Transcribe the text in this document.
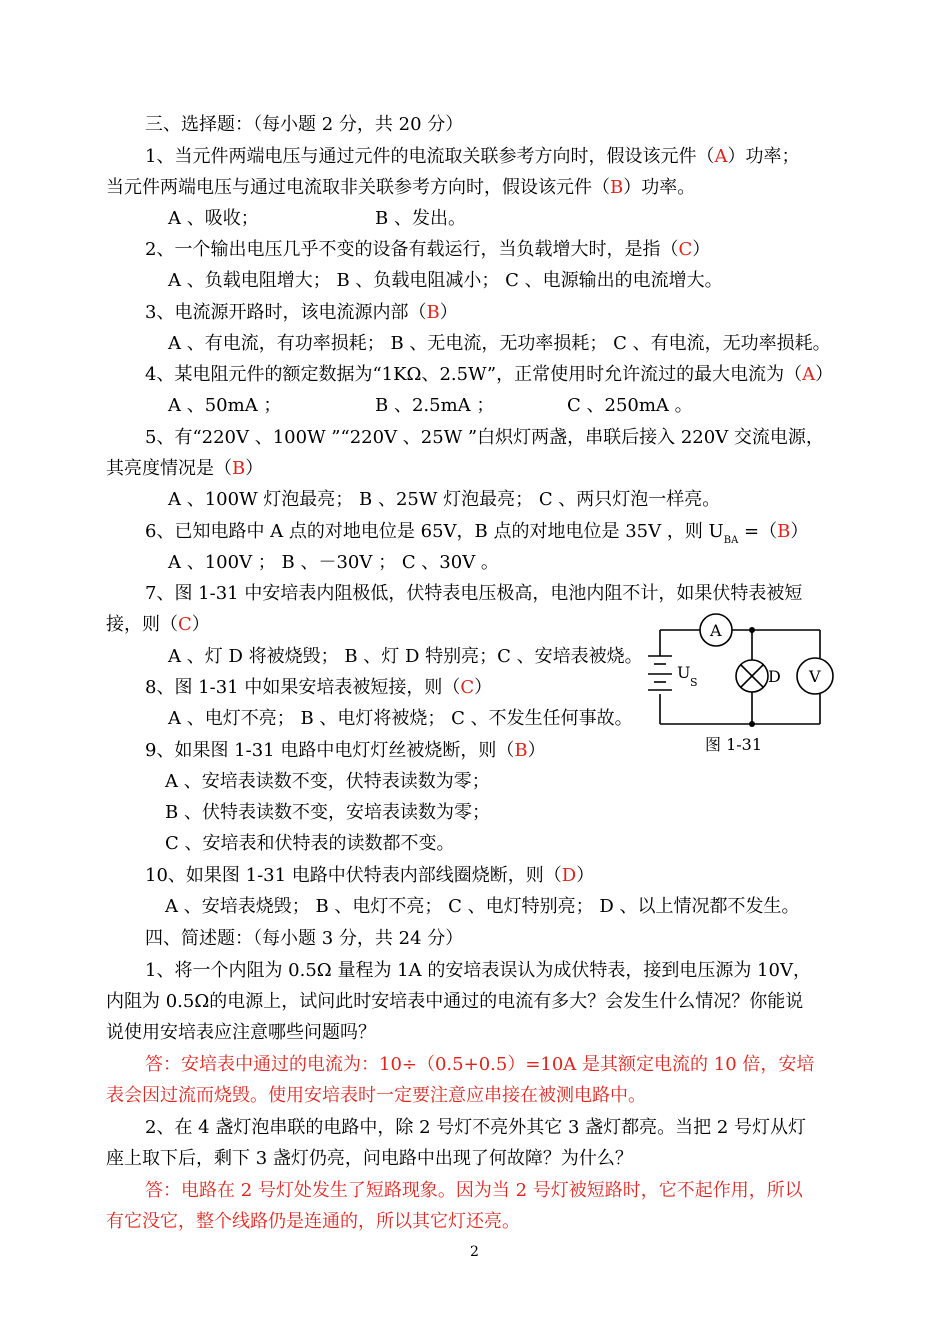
三、选择题：（每小题 2 分，共 20 分）
1、当元件两端电压与通过元件的电流取关联参考方向时，假设该元件（A）功率；
当元件两端电压与通过电流取非关联参考方向时，假设该元件（B）功率。
A 、吸收；	B 、发出。
2、一个输出电压几乎不变的设备有载运行，当负载增大时，是指（C）
A 、负载电阻增大； B 、负载电阻减小； C 、电源输出的电流增大。
3、电流源开路时，该电流源内部（B）
A 、有电流，有功率损耗； B 、无电流，无功率损耗； C 、有电流，无功率损耗。
4、某电阻元件的额定数据为“1KΩ、2.5W”，正常使用时允许流过的最大电流为（A）
A 、50mA ；	B 、2.5mA ；	C 、250mA 。
5、有“220V 、100W ”“220V 、25W ”白炽灯两盏，串联后接入 220V 交流电源，
其亮度情况是（B）
A 、100W 灯泡最亮； B 、25W 灯泡最亮； C 、两只灯泡一样亮。
6、已知电路中 A 点的对地电位是 65V，B 点的对地电位是 35V ，则 $U_{BA} =(B)$
A 、100V ； B 、－30V ； C 、30V 。
7、图 1-31 中安培表内阻极低，伏特表电压极高，电池内阻不计，如果伏特表被短
接，则（C）
A 、灯 D 将被烧毁； B 、灯 D 特别亮；C 、安培表被烧。
8、图 1-31 中如果安培表被短接，则（C）
A 、电灯不亮； B 、电灯将被烧； C 、不发生任何事故。
9、如果图 1-31 电路中电灯灯丝被烧断，则（B）
A 、安培表读数不变，伏特表读数为零；
B 、伏特表读数不变，安培表读数为零；
C 、安培表和伏特表的读数都不变。
10、如果图 1-31 电路中伏特表内部线圈烧断，则（D）
A 、安培表烧毁； B 、电灯不亮； C 、电灯特别亮； D 、以上情况都不发生。
四、简述题：（每小题 3 分，共 24 分）
1、将一个内阻为 0.5Ω 量程为 1A 的安培表误认为成伏特表，接到电压源为 10V，
内阻为 0.5Ω的电源上，试问此时安培表中通过的电流有多大？会发生什么情况？你能说
说使用安培表应注意哪些问题吗？
答：安培表中通过的电流为：10÷（0.5+0.5）=10A 是其额定电流的 10 倍，安培
表会因过流而烧毁。使用安培表时一定要注意应串接在被测电路中。
2、在 4 盏灯泡串联的电路中，除 2 号灯不亮外其它 3 盏灯都亮。当把 2 号灯从灯
座上取下后，剩下 3 盏灯仍亮，问电路中出现了何故障？为什么？
答：电路在 2 号灯处发生了短路现象。因为当 2 号灯被短路时，它不起作用，所以
有它没它，整个线路仍是连通的，所以其它灯还亮。
A
V
D
U
S
图 1-31
2
